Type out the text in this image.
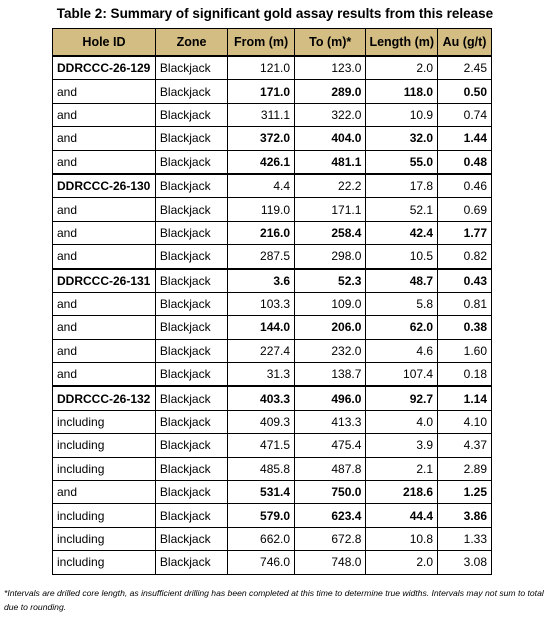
Table 2: Summary of significant gold assay results from this release
Hole ID	Zone	From (m)	To (m)*	Length (m)	Au (g/t)
DDRCCC-26-129	Blackjack	121.0	123.0	2.0	2.45
and	Blackjack	171.0	289.0	118.0	0.50
and	Blackjack	311.1	322.0	10.9	0.74
and	Blackjack	372.0	404.0	32.0	1.44
and	Blackjack	426.1	481.1	55.0	0.48
DDRCCC-26-130	Blackjack	4.4	22.2	17.8	0.46
and	Blackjack	119.0	171.1	52.1	0.69
and	Blackjack	216.0	258.4	42.4	1.77
and	Blackjack	287.5	298.0	10.5	0.82
DDRCCC-26-131	Blackjack	3.6	52.3	48.7	0.43
and	Blackjack	103.3	109.0	5.8	0.81
and	Blackjack	144.0	206.0	62.0	0.38
and	Blackjack	227.4	232.0	4.6	1.60
and	Blackjack	31.3	138.7	107.4	0.18
DDRCCC-26-132	Blackjack	403.3	496.0	92.7	1.14
including	Blackjack	409.3	413.3	4.0	4.10
including	Blackjack	471.5	475.4	3.9	4.37
including	Blackjack	485.8	487.8	2.1	2.89
and	Blackjack	531.4	750.0	218.6	1.25
including	Blackjack	579.0	623.4	44.4	3.86
including	Blackjack	662.0	672.8	10.8	1.33
including	Blackjack	746.0	748.0	2.0	3.08
*Intervals are drilled core length, as insufficient drilling has been completed at this time to determine true widths. Intervals may not sum to total due to rounding.
